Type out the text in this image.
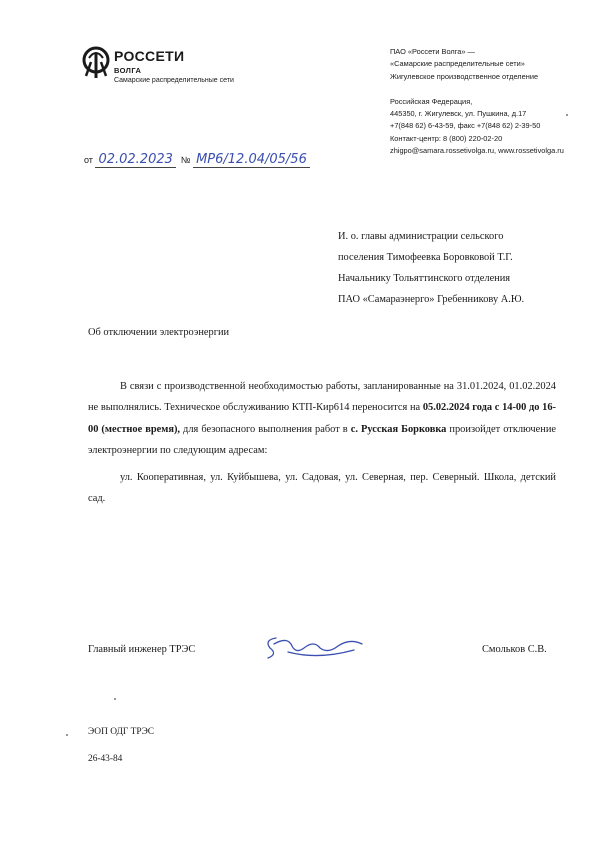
РОССЕТИ
ВОЛГА
Самарские распределительные сети
ПАО «Россети Волга» —
«Самарские распределительные сети»
Жигулевское производственное отделение
Российская Федерация,
445350, г. Жигулевск, ул. Пушкина, д.17
+7(848 62) 6-43-59, факс +7(848 62) 2-39-50
Контакт-центр: 8 (800) 220-02-20
zhigpo@samara.rossetivolga.ru, www.rossetivolga.ru
от 02.02.2023 № МР6/12.04/05/56
И. о. главы администрации сельского
поселения Тимофеевка Боровковой Т.Г.
Начальнику Тольяттинского отделения
ПАО «Самараэнерго» Гребенникову А.Ю.
Об отключении электроэнергии

В связи с производственной необходимостью работы, запланированные на 31.01.2024, 01.02.2024 не выполнялись. Техническое обслуживанию КТП-Кир614 переносится на 05.02.2024 года с 14-00 до 16-00 (местное время), для безопасного выполнения работ в с. Русская Борковка произойдет отключение электроэнергии по следующим адресам:

ул. Кооперативная, ул. Куйбышева, ул. Садовая, ул. Северная, пер. Северный. Школа, детский сад.

Главный инженер ТРЭС	Смольков С.В.
ЭОП ОДГ ТРЭС
26-43-84
